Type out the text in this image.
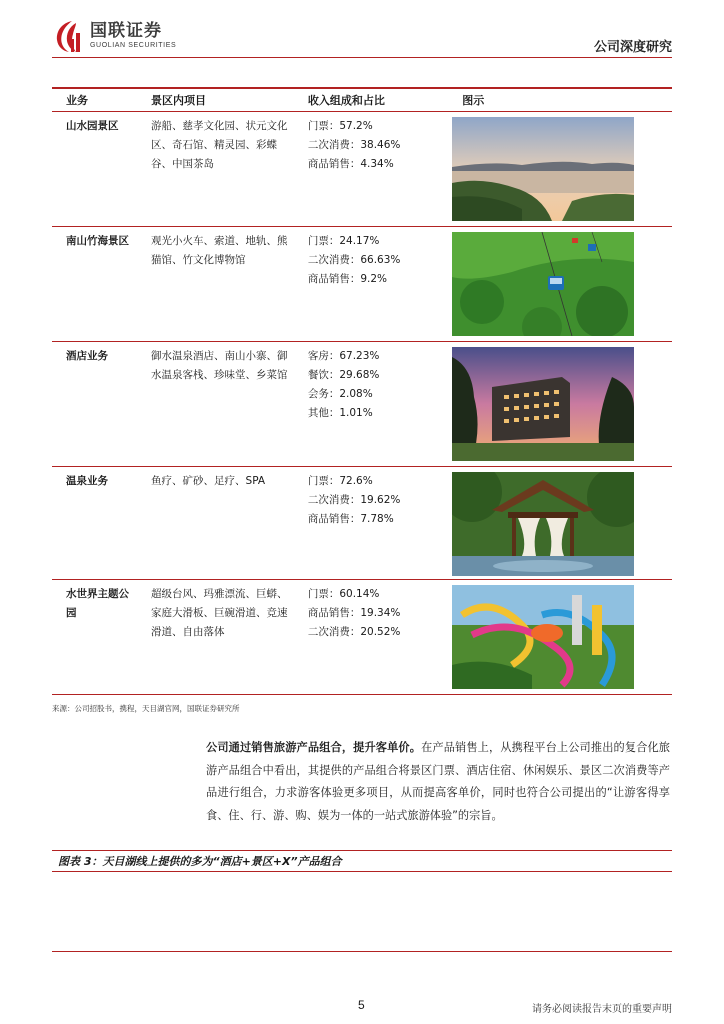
国联证券
GUOLIAN SECURITIES	公司深度研究
业务	景区内项目	收入组成和占比	图示
山水园景区	游船、慈孝文化园、状元文化区、奇石馆、精灵园、彩蝶谷、中国茶岛	门票：57.2%
二次消费：38.46%
商品销售：4.34%

南山竹海景区	观光小火车、索道、地轨、熊猫馆、竹文化博物馆	门票：24.17%
二次消费：66.63%
商品销售：9.2%

酒店业务	御水温泉酒店、南山小寨、御水温泉客栈、珍味堂、乡菜馆	客房：67.23%
餐饮：29.68%
会务：2.08%
其他：1.01%

温泉业务	鱼疗、矿砂、足疗、SPA	门票：72.6%
二次消费：19.62%
商品销售：7.78%

水世界主题公园	超级台风、玛雅漂流、巨蟒、家庭大滑板、巨碗滑道、竞速滑道、自由落体	门票：60.14%
商品销售：19.34%
二次消费：20.52%

来源：公司招股书，携程，天目湖官网，国联证券研究所
公司通过销售旅游产品组合，提升客单价。在产品销售上，从携程平台上公司推出的复合化旅游产品组合中看出，其提供的产品组合将景区门票、酒店住宿、休闲娱乐、景区二次消费等产品进行组合，力求游客体验更多项目，从而提高客单价，同时也符合公司提出的“让游客得享食、住、行、游、购、娱为一体的一站式旅游体验”的宗旨。
图表 3：天目湖线上提供的多为“酒店+景区+X”产品组合
5	请务必阅读报告末页的重要声明
